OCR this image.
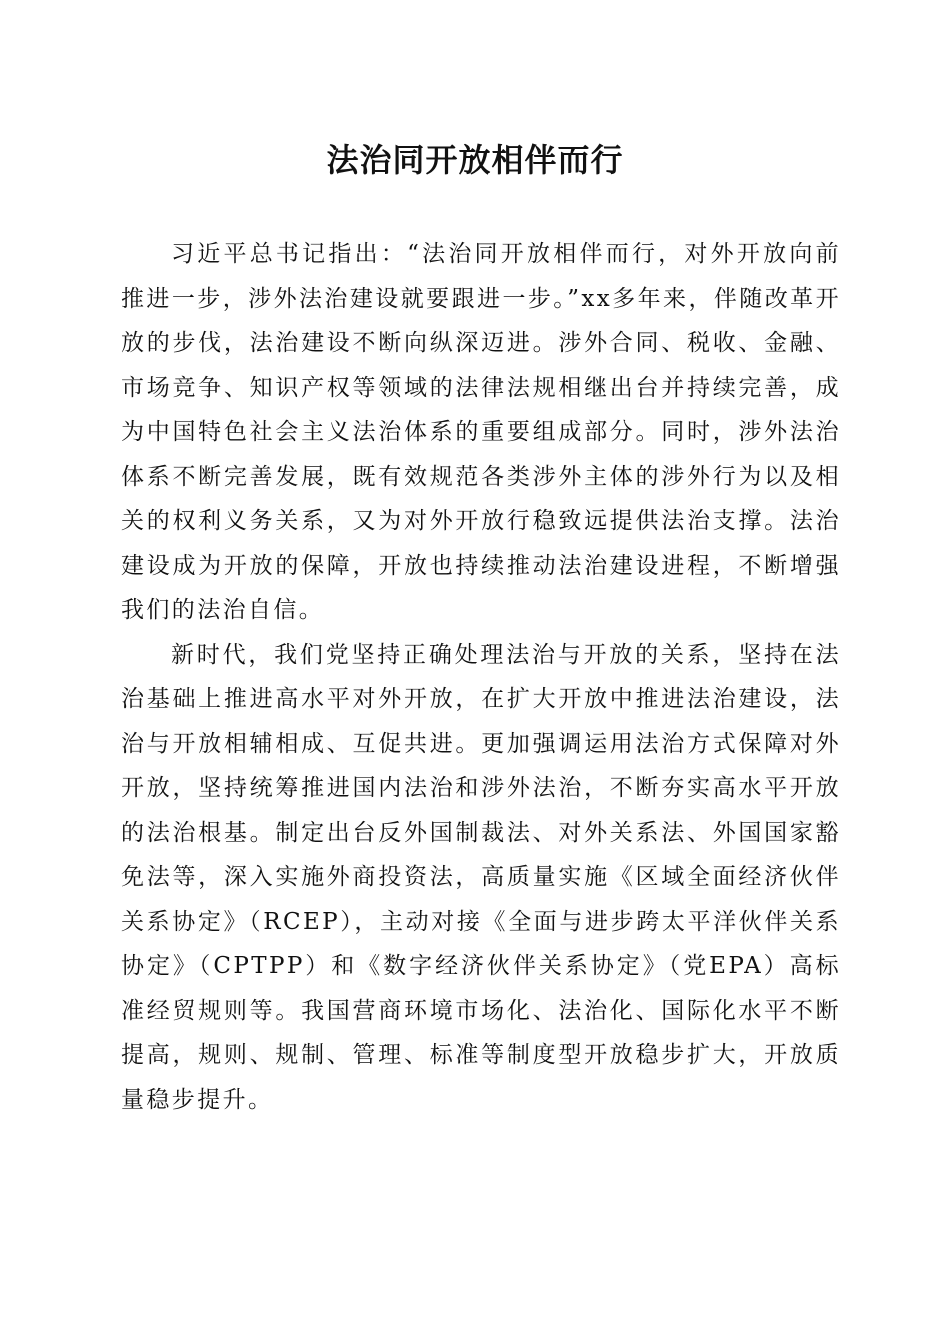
法治同开放相伴而行

习近平总书记指出：“法治同开放相伴而行，对外开放向前推进一步，涉外法治建设就要跟进一步。”xx多年来，伴随改革开放的步伐，法治建设不断向纵深迈进。涉外合同、税收、金融、市场竞争、知识产权等领域的法律法规相继出台并持续完善，成为中国特色社会主义法治体系的重要组成部分。同时，涉外法治体系不断完善发展，既有效规范各类涉外主体的涉外行为以及相关的权利义务关系，又为对外开放行稳致远提供法治支撑。法治建设成为开放的保障，开放也持续推动法治建设进程，不断增强我们的法治自信。

新时代，我们党坚持正确处理法治与开放的关系，坚持在法治基础上推进高水平对外开放，在扩大开放中推进法治建设，法治与开放相辅相成、互促共进。更加强调运用法治方式保障对外开放，坚持统筹推进国内法治和涉外法治，不断夯实高水平开放的法治根基。制定出台反外国制裁法、对外关系法、外国国家豁免法等，深入实施外商投资法，高质量实施《区域全面经济伙伴关系协定》（RCEP），主动对接《全面与进步跨太平洋伙伴关系协定》（CPTPP）和《数字经济伙伴关系协定》（党EPA）高标准经贸规则等。我国营商环境市场化、法治化、国际化水平不断提高，规则、规制、管理、标准等制度型开放稳步扩大，开放质量稳步提升。
